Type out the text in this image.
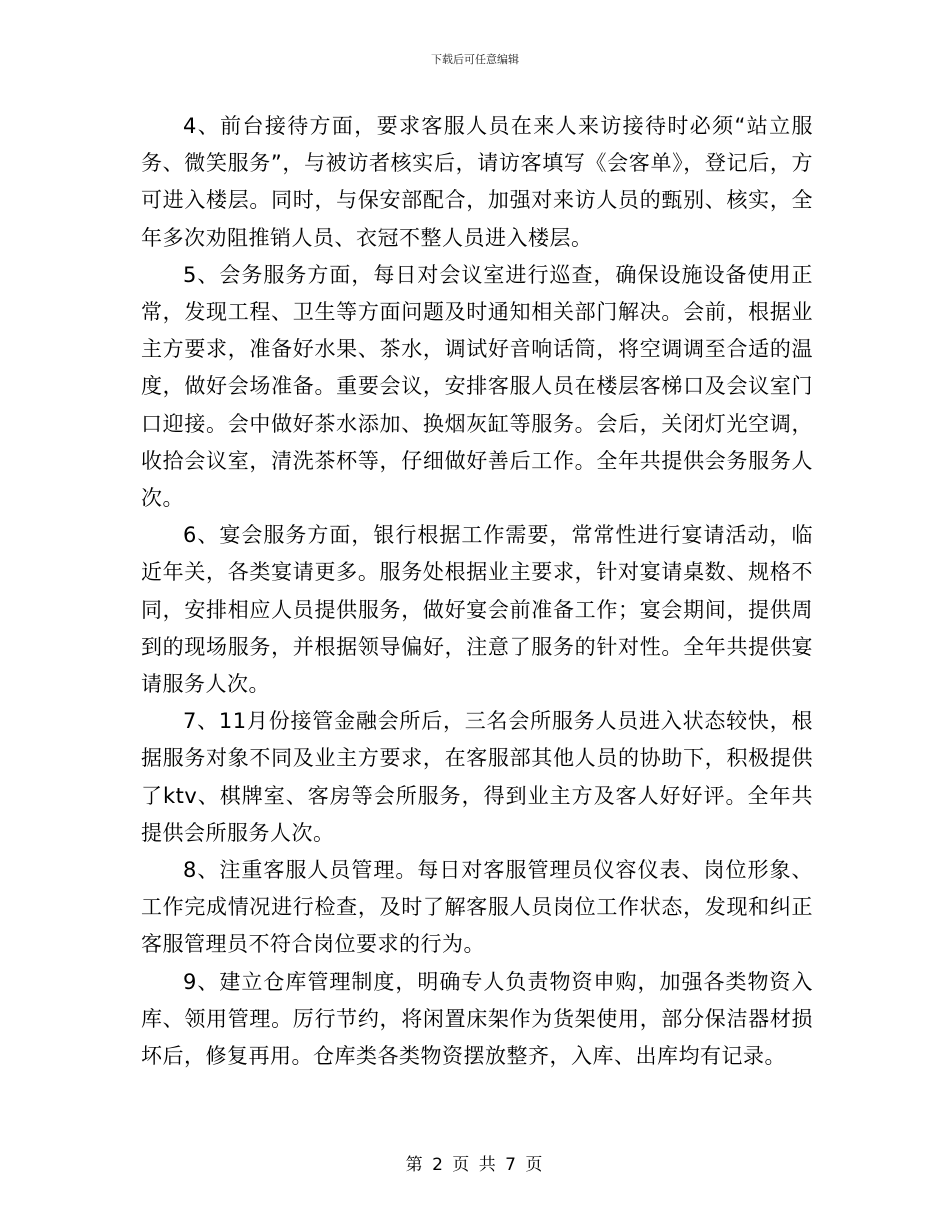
下载后可任意编辑

4、前台接待方面，要求客服人员在来人来访接待时必须“站立服务、微笑服务”，与被访者核实后，请访客填写《会客单》，登记后，方可进入楼层。同时，与保安部配合，加强对来访人员的甄别、核实，全年多次劝阻推销人员、衣冠不整人员进入楼层。

5、会务服务方面，每日对会议室进行巡查，确保设施设备使用正常，发现工程、卫生等方面问题及时通知相关部门解决。会前，根据业主方要求，准备好水果、茶水，调试好音响话筒，将空调调至合适的温度，做好会场准备。重要会议，安排客服人员在楼层客梯口及会议室门口迎接。会中做好茶水添加、换烟灰缸等服务。会后，关闭灯光空调，收拾会议室，清洗茶杯等，仔细做好善后工作。全年共提供会务服务人次。

6、宴会服务方面，银行根据工作需要，常常性进行宴请活动，临近年关，各类宴请更多。服务处根据业主要求，针对宴请桌数、规格不同，安排相应人员提供服务，做好宴会前准备工作；宴会期间，提供周到的现场服务，并根据领导偏好，注意了服务的针对性。全年共提供宴请服务人次。

7、11月份接管金融会所后，三名会所服务人员进入状态较快，根据服务对象不同及业主方要求，在客服部其他人员的协助下，积极提供了ktv、棋牌室、客房等会所服务，得到业主方及客人好好评。全年共提供会所服务人次。

8、注重客服人员管理。每日对客服管理员仪容仪表、岗位形象、工作完成情况进行检查，及时了解客服人员岗位工作状态，发现和纠正客服管理员不符合岗位要求的行为。

9、建立仓库管理制度，明确专人负责物资申购，加强各类物资入库、领用管理。厉行节约，将闲置床架作为货架使用，部分保洁器材损坏后，修复再用。仓库类各类物资摆放整齐，入库、出库均有记录。

第 2 页 共 7 页
